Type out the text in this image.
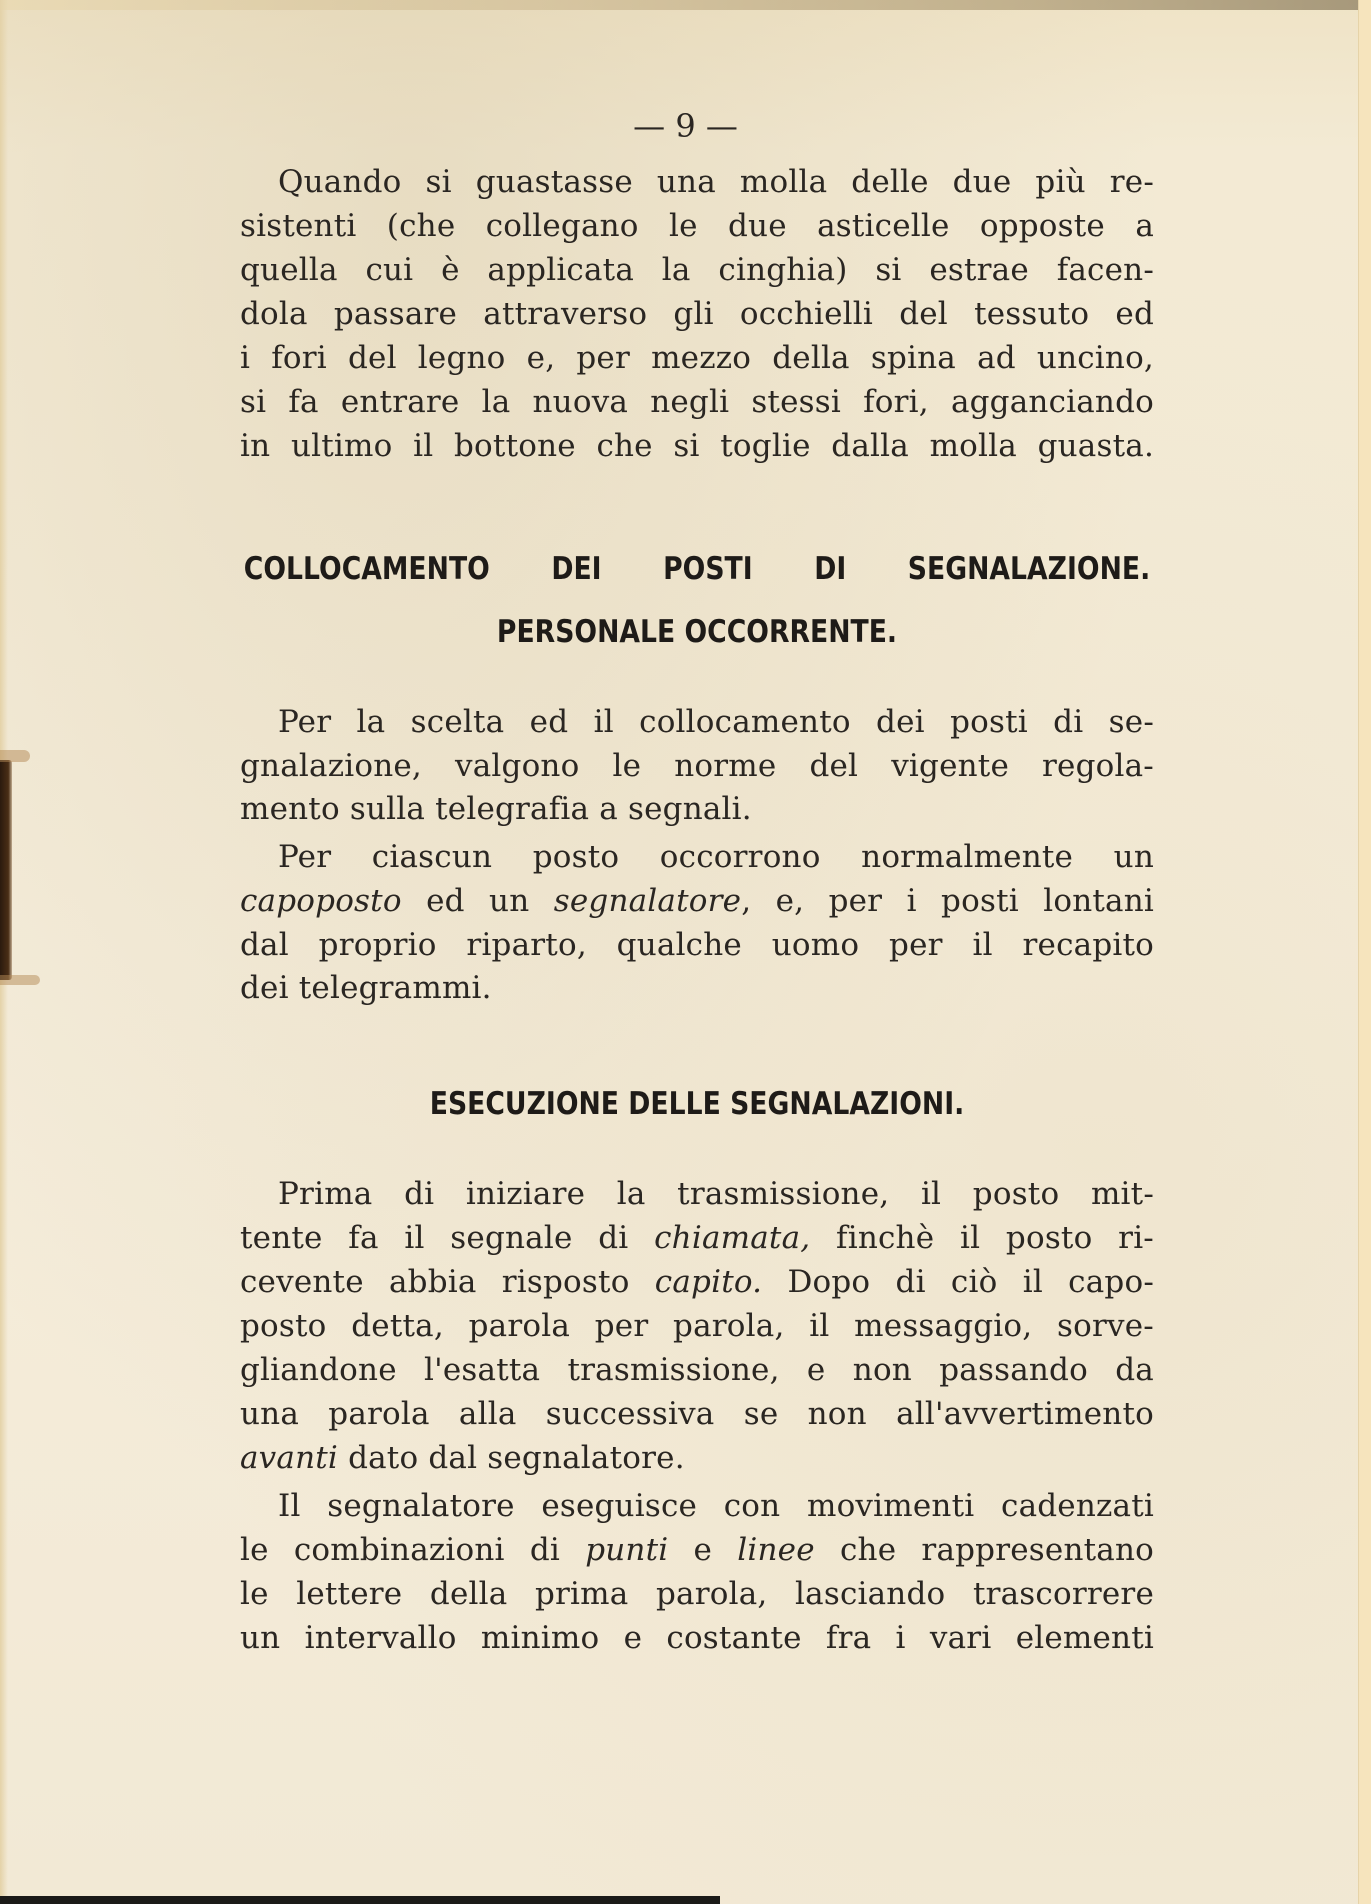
— 9 —
Quando si guastasse una molla delle due più re-
sistenti (che collegano le due asticelle opposte a
quella cui è applicata la cinghia) si estrae facen-
dola passare attraverso gli occhielli del tessuto ed
i fori del legno e, per mezzo della spina ad uncino,
si fa entrare la nuova negli stessi fori, agganciando
in ultimo il bottone che si toglie dalla molla guasta.
COLLOCAMENTO DEI POSTI DI SEGNALAZIONE.
PERSONALE OCCORRENTE.
Per la scelta ed il collocamento dei posti di se-
gnalazione, valgono le norme del vigente regola-
mento sulla telegrafia a segnali.
Per ciascun posto occorrono normalmente un
capoposto ed un segnalatore, e, per i posti lontani
dal proprio riparto, qualche uomo per il recapito
dei telegrammi.
ESECUZIONE DELLE SEGNALAZIONI.
Prima di iniziare la trasmissione, il posto mit-
tente fa il segnale di chiamata, finchè il posto ri-
cevente abbia risposto capito. Dopo di ciò il capo-
posto detta, parola per parola, il messaggio, sorve-
gliandone l'esatta trasmissione, e non passando da
una parola alla successiva se non all'avvertimento
avanti dato dal segnalatore.
Il segnalatore eseguisce con movimenti cadenzati
le combinazioni di punti e linee che rappresentano
le lettere della prima parola, lasciando trascorrere
un intervallo minimo e costante fra i vari elementi
